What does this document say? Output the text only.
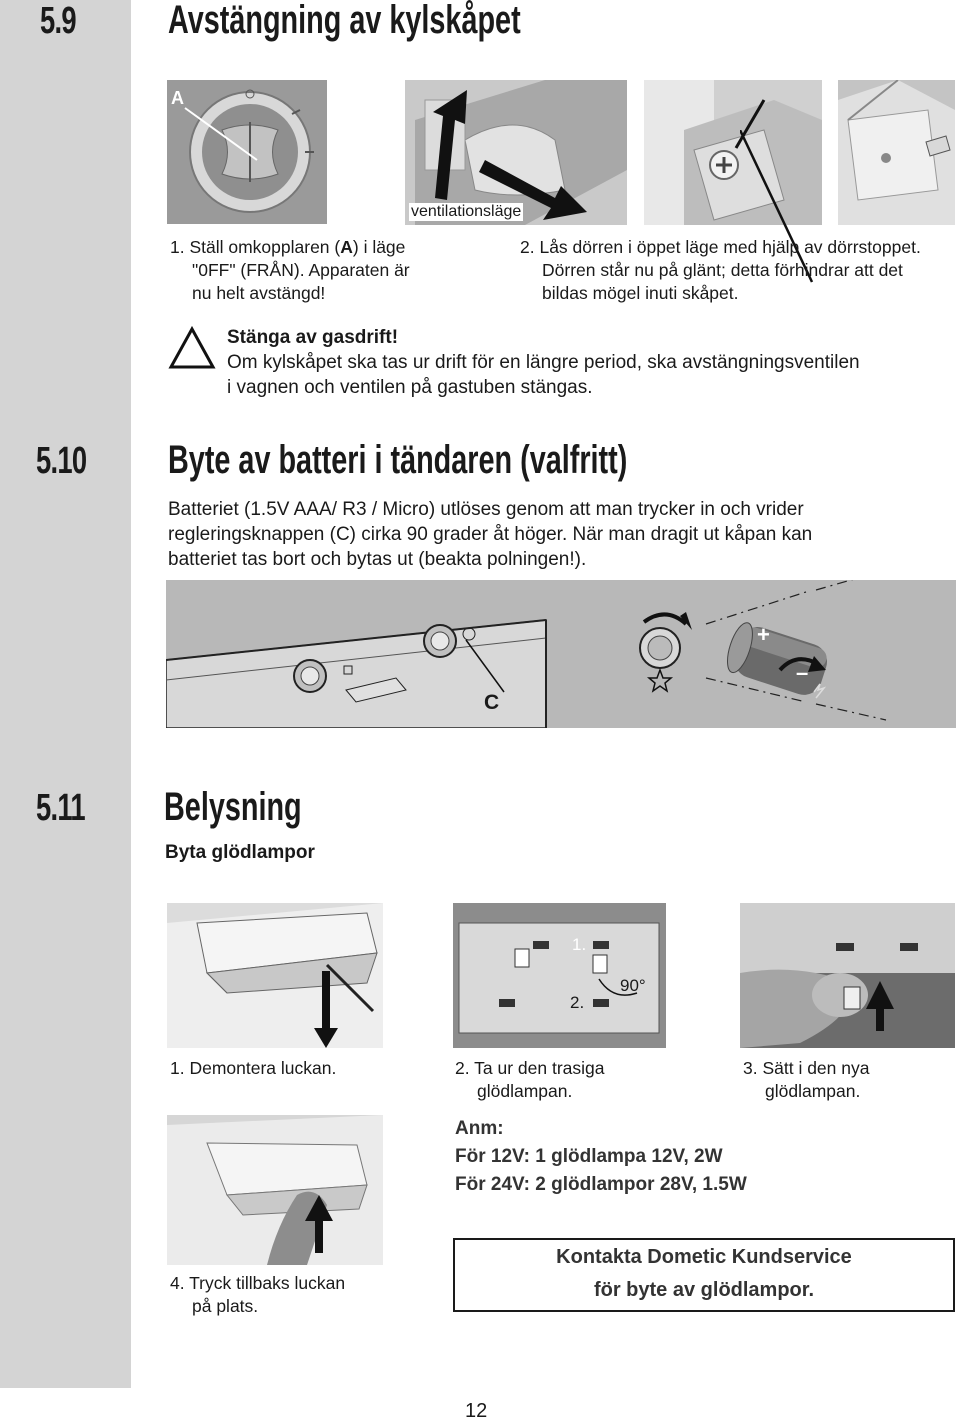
5.9 Avstängning av kylskåpet
A
ventilationsläge
1. Ställ omkopplaren (A) i läge
"0FF" (FRÅN). Apparaten är
nu helt avstängd!
2. Lås dörren i öppet läge med hjälp av dörrstoppet.
Dörren står nu på glänt; detta förhindrar att det
bildas mögel inuti skåpet.
Stänga av gasdrift!
Om kylskåpet ska tas ur drift för en längre period, ska avstängningsventilen
i vagnen och ventilen på gastuben stängas.
5.10 Byte av batteri i tändaren (valfritt)
Batteriet (1.5V AAA/ R3 / Micro) utlöses genom att man trycker in och vrider
regleringsknappen (C) cirka 90 grader åt höger. När man dragit ut kåpan kan
batteriet tas bort och bytas ut (beakta polningen!).
C
+
–
5.11 Belysning
Byta glödlampor
1.
2.
90°
1. Demontera luckan.	2. Ta ur den trasiga
glödlampan.
3. Sätt i den nya
glödlampan.
4. Tryck tillbaks luckan
på plats.
Anm:
För 12V: 1 glödlampa 12V, 2W
För 24V: 2 glödlampor 28V, 1.5W
Kontakta Dometic Kundservice
för byte av glödlampor.
12
